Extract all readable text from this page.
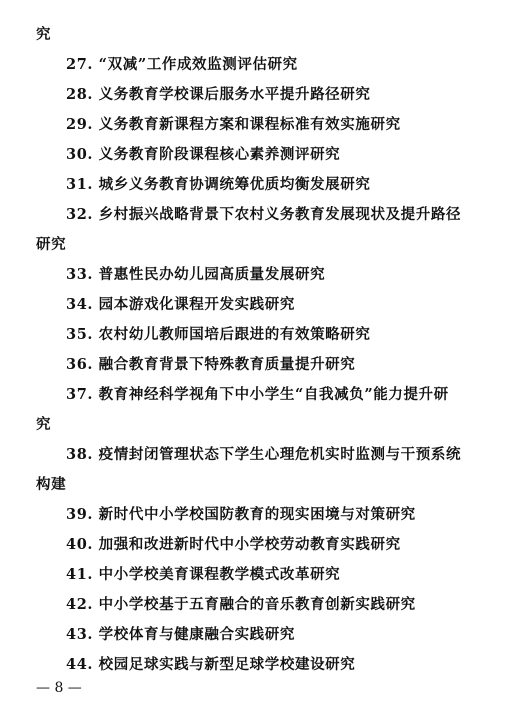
究
27. “双减”工作成效监测评估研究
28. 义务教育学校课后服务水平提升路径研究
29. 义务教育新课程方案和课程标准有效实施研究
30. 义务教育阶段课程核心素养测评研究
31. 城乡义务教育协调统筹优质均衡发展研究
32. 乡村振兴战略背景下农村义务教育发展现状及提升路径
研究
33. 普惠性民办幼儿园高质量发展研究
34. 园本游戏化课程开发实践研究
35. 农村幼儿教师国培后跟进的有效策略研究
36. 融合教育背景下特殊教育质量提升研究
37. 教育神经科学视角下中小学生“自我减负”能力提升研
究
38. 疫情封闭管理状态下学生心理危机实时监测与干预系统
构建
39. 新时代中小学校国防教育的现实困境与对策研究
40. 加强和改进新时代中小学校劳动教育实践研究
41. 中小学校美育课程教学模式改革研究
42. 中小学校基于五育融合的音乐教育创新实践研究
43. 学校体育与健康融合实践研究
44. 校园足球实践与新型足球学校建设研究
— 8 —
